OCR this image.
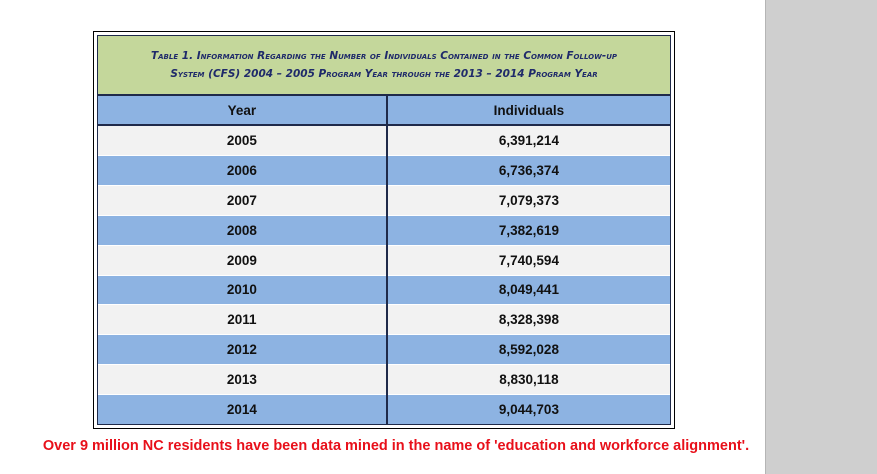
Table 1. Information Regarding the Number of Individuals Contained in the Common Follow-up
System (CFS) 2004 – 2005 Program Year through the 2013 – 2014 Program Year
Year	Individuals
2005	6,391,214
2006	6,736,374
2007	7,079,373
2008	7,382,619
2009	7,740,594
2010	8,049,441
2011	8,328,398
2012	8,592,028
2013	8,830,118
2014	9,044,703
Over 9 million NC residents have been data mined in the name of 'education and workforce alignment'.
